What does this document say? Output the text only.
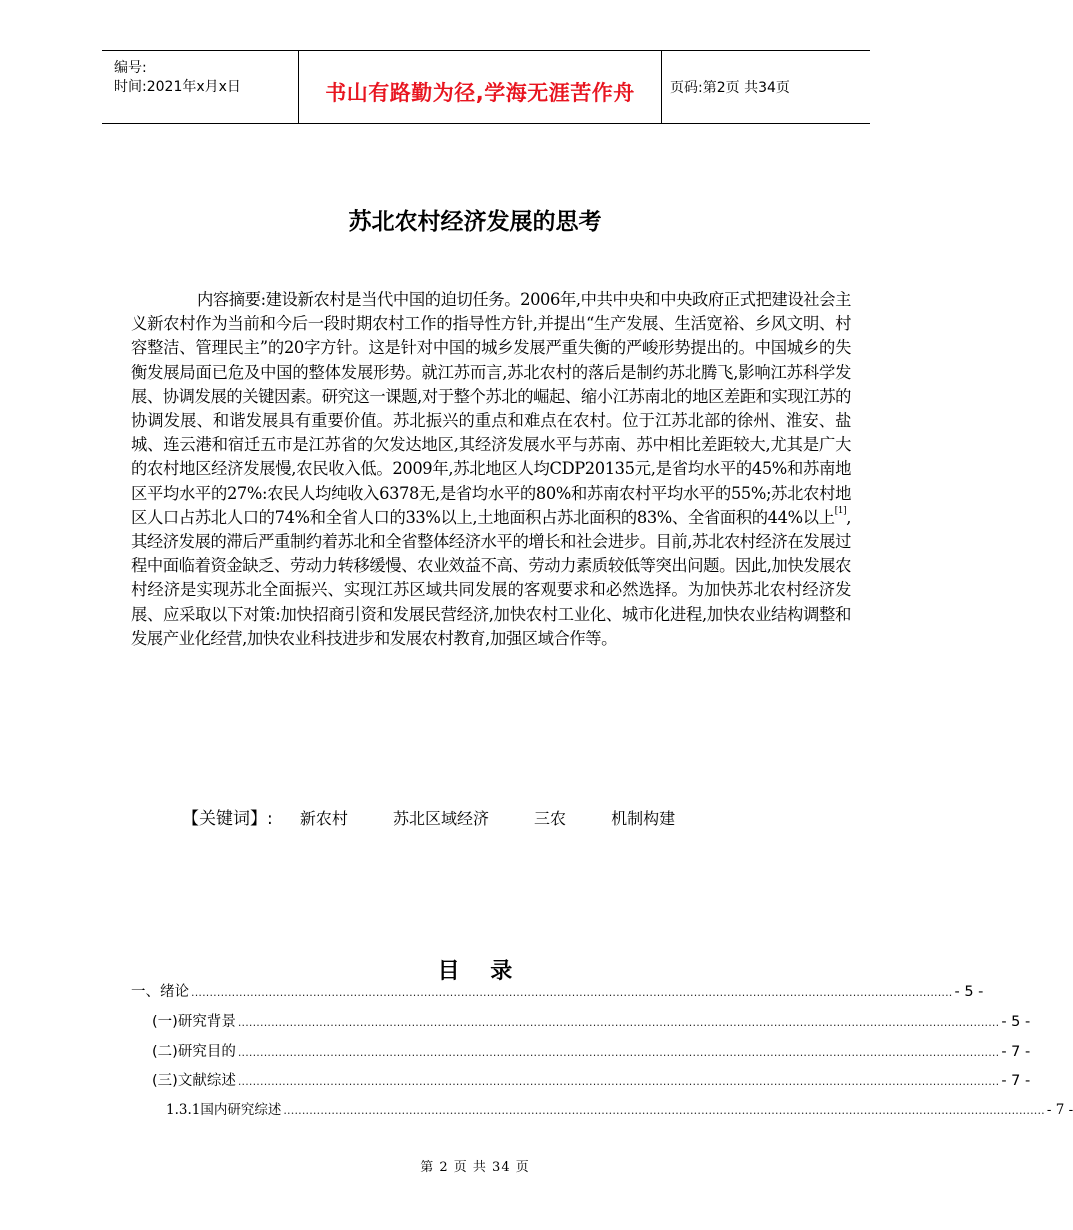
编号:
时间:2021年x月x日	书山有路勤为径,学海无涯苦作舟	页码:第2页 共34页
苏北农村经济发展的思考
内容摘要:建设新农村是当代中国的迫切任务。2006年,中共中央和中央政府正式把建设社会主义新农村作为当前和今后一段时期农村工作的指导性方针,并提出“生产发展、生活宽裕、乡风文明、村容整洁、管理民主”的20字方针。这是针对中国的城乡发展严重失衡的严峻形势提出的。中国城乡的失衡发展局面已危及中国的整体发展形势。就江苏而言,苏北农村的落后是制约苏北腾飞,影响江苏科学发展、协调发展的关键因素。研究这一课题,对于整个苏北的崛起、缩小江苏南北的地区差距和实现江苏的协调发展、和谐发展具有重要价值。苏北振兴的重点和难点在农村。位于江苏北部的徐州、淮安、盐城、连云港和宿迁五市是江苏省的欠发达地区,其经济发展水平与苏南、苏中相比差距较大,尤其是广大的农村地区经济发展慢,农民收入低。2009年,苏北地区人均CDP20135元,是省均水平的45%和苏南地区平均水平的27%:农民人均纯收入6378无,是省均水平的80%和苏南农村平均水平的55%;苏北农村地区人口占苏北人口的74%和全省人口的33%以上,土地面积占苏北面积的83%、全省面积的44%以上[1],其经济发展的滞后严重制约着苏北和全省整体经济水平的增长和社会进步。目前,苏北农村经济在发展过程中面临着资金缺乏、劳动力转移缓慢、农业效益不高、劳动力素质较低等突出问题。因此,加快发展农村经济是实现苏北全面振兴、实现江苏区域共同发展的客观要求和必然选择。为加快苏北农村经济发展、应采取以下对策:加快招商引资和发展民营经济,加快农村工业化、城市化进程,加快农业结构调整和发展产业化经营,加快农业科技进步和发展农村教育,加强区域合作等。
【关键词】: 新农村	苏北区域经济	三农	机制构建
目    录
一、绪论 .............................................................................................................................................................................................................. - 5 -
(一)研究背景 .............................................................................................................................................................................................................. - 5 -
(二)研究目的 .............................................................................................................................................................................................................. - 7 -
(三)文献综述 .............................................................................................................................................................................................................. - 7 -
1.3.1国内研究综述 .............................................................................................................................................................................................................. - 7 -
第 2 页 共 34 页
